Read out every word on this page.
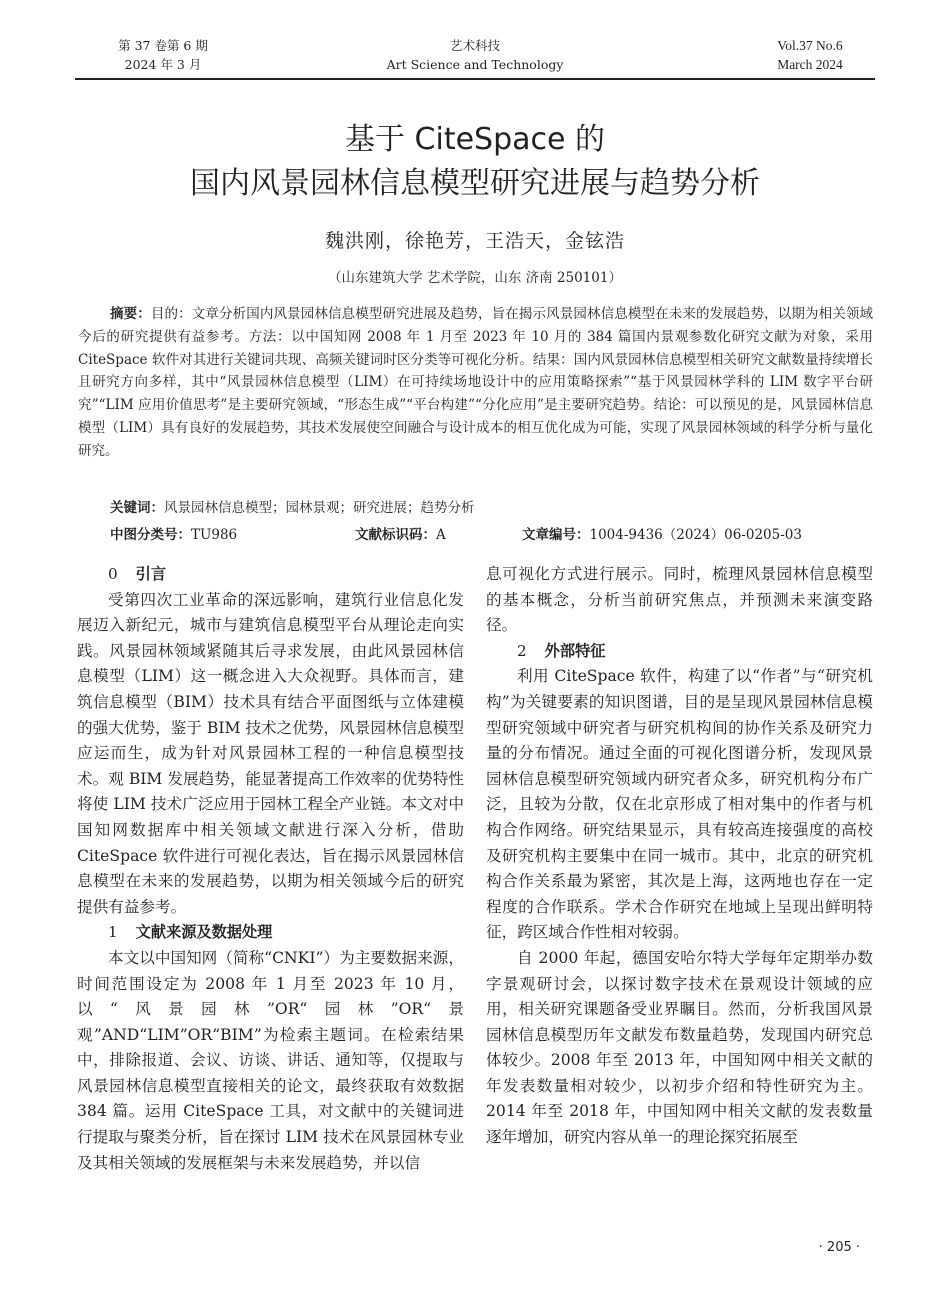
第 37 卷第 6 期
2024 年 3 月
艺术科技
Art Science and Technology
Vol.37 No.6
March 2024
基于 CiteSpace 的
国内风景园林信息模型研究进展与趋势分析
魏洪刚，徐艳芳，王浩天，金铉浩
（山东建筑大学 艺术学院，山东 济南 250101）

摘要：目的：文章分析国内风景园林信息模型研究进展及趋势，旨在揭示风景园林信息模型在未来的发展趋势，以期为相关领域今后的研究提供有益参考。方法：以中国知网 2008 年 1 月至 2023 年 10 月的 384 篇国内景观参数化研究文献为对象，采用 CiteSpace 软件对其进行关键词共现、高频关键词时区分类等可视化分析。结果：国内风景园林信息模型相关研究文献数量持续增长且研究方向多样，其中“风景园林信息模型（LIM）在可持续场地设计中的应用策略探索”“基于风景园林学科的 LIM 数字平台研究”“LIM 应用价值思考”是主要研究领域，“形态生成”“平台构建”“分化应用”是主要研究趋势。结论：可以预见的是，风景园林信息模型（LIM）具有良好的发展趋势，其技术发展使空间融合与设计成本的相互优化成为可能，实现了风景园林领域的科学分析与量化研究。

关键词：风景园林信息模型；园林景观；研究进展；趋势分析
中图分类号：TU986	文献标识码：A	文章编号：1004-9436（2024）06-0205-03
0 引言

受第四次工业革命的深远影响，建筑行业信息化发展迈入新纪元，城市与建筑信息模型平台从理论走向实践。风景园林领域紧随其后寻求发展，由此风景园林信息模型（LIM）这一概念进入大众视野。具体而言，建筑信息模型（BIM）技术具有结合平面图纸与立体建模的强大优势，鉴于 BIM 技术之优势，风景园林信息模型应运而生，成为针对风景园林工程的一种信息模型技术。观 BIM 发展趋势，能显著提高工作效率的优势特性将使 LIM 技术广泛应用于园林工程全产业链。本文对中国知网数据库中相关领域文献进行深入分析，借助 CiteSpace 软件进行可视化表达，旨在揭示风景园林信息模型在未来的发展趋势，以期为相关领域今后的研究提供有益参考。

1 文献来源及数据处理

本文以中国知网（简称“CNKI”）为主要数据来源，时间范围设定为 2008 年 1 月至 2023 年 10 月，以“风景园林”OR“园林”OR“景观”AND“LIM”OR“BIM”为检索主题词。在检索结果中，排除报道、会议、访谈、讲话、通知等，仅提取与风景园林信息模型直接相关的论文，最终获取有效数据 384 篇。运用 CiteSpace 工具，对文献中的关键词进行提取与聚类分析，旨在探讨 LIM 技术在风景园林专业及其相关领域的发展框架与未来发展趋势，并以信

息可视化方式进行展示。同时，梳理风景园林信息模型的基本概念，分析当前研究焦点，并预测未来演变路径。

2 外部特征

利用 CiteSpace 软件，构建了以“作者”与“研究机构”为关键要素的知识图谱，目的是呈现风景园林信息模型研究领域中研究者与研究机构间的协作关系及研究力量的分布情况。通过全面的可视化图谱分析，发现风景园林信息模型研究领域内研究者众多，研究机构分布广泛，且较为分散，仅在北京形成了相对集中的作者与机构合作网络。研究结果显示，具有较高连接强度的高校及研究机构主要集中在同一城市。其中，北京的研究机构合作关系最为紧密，其次是上海，这两地也存在一定程度的合作联系。学术合作研究在地域上呈现出鲜明特征，跨区域合作性相对较弱。

自 2000 年起，德国安哈尔特大学每年定期举办数字景观研讨会，以探讨数字技术在景观设计领域的应用，相关研究课题备受业界瞩目。然而，分析我国风景园林信息模型历年文献发布数量趋势，发现国内研究总体较少。2008 年至 2013 年，中国知网中相关文献的年发表数量相对较少，以初步介绍和特性研究为主。2014 年至 2018 年，中国知网中相关文献的发表数量逐年增加，研究内容从单一的理论探究拓展至

· 205 ·
